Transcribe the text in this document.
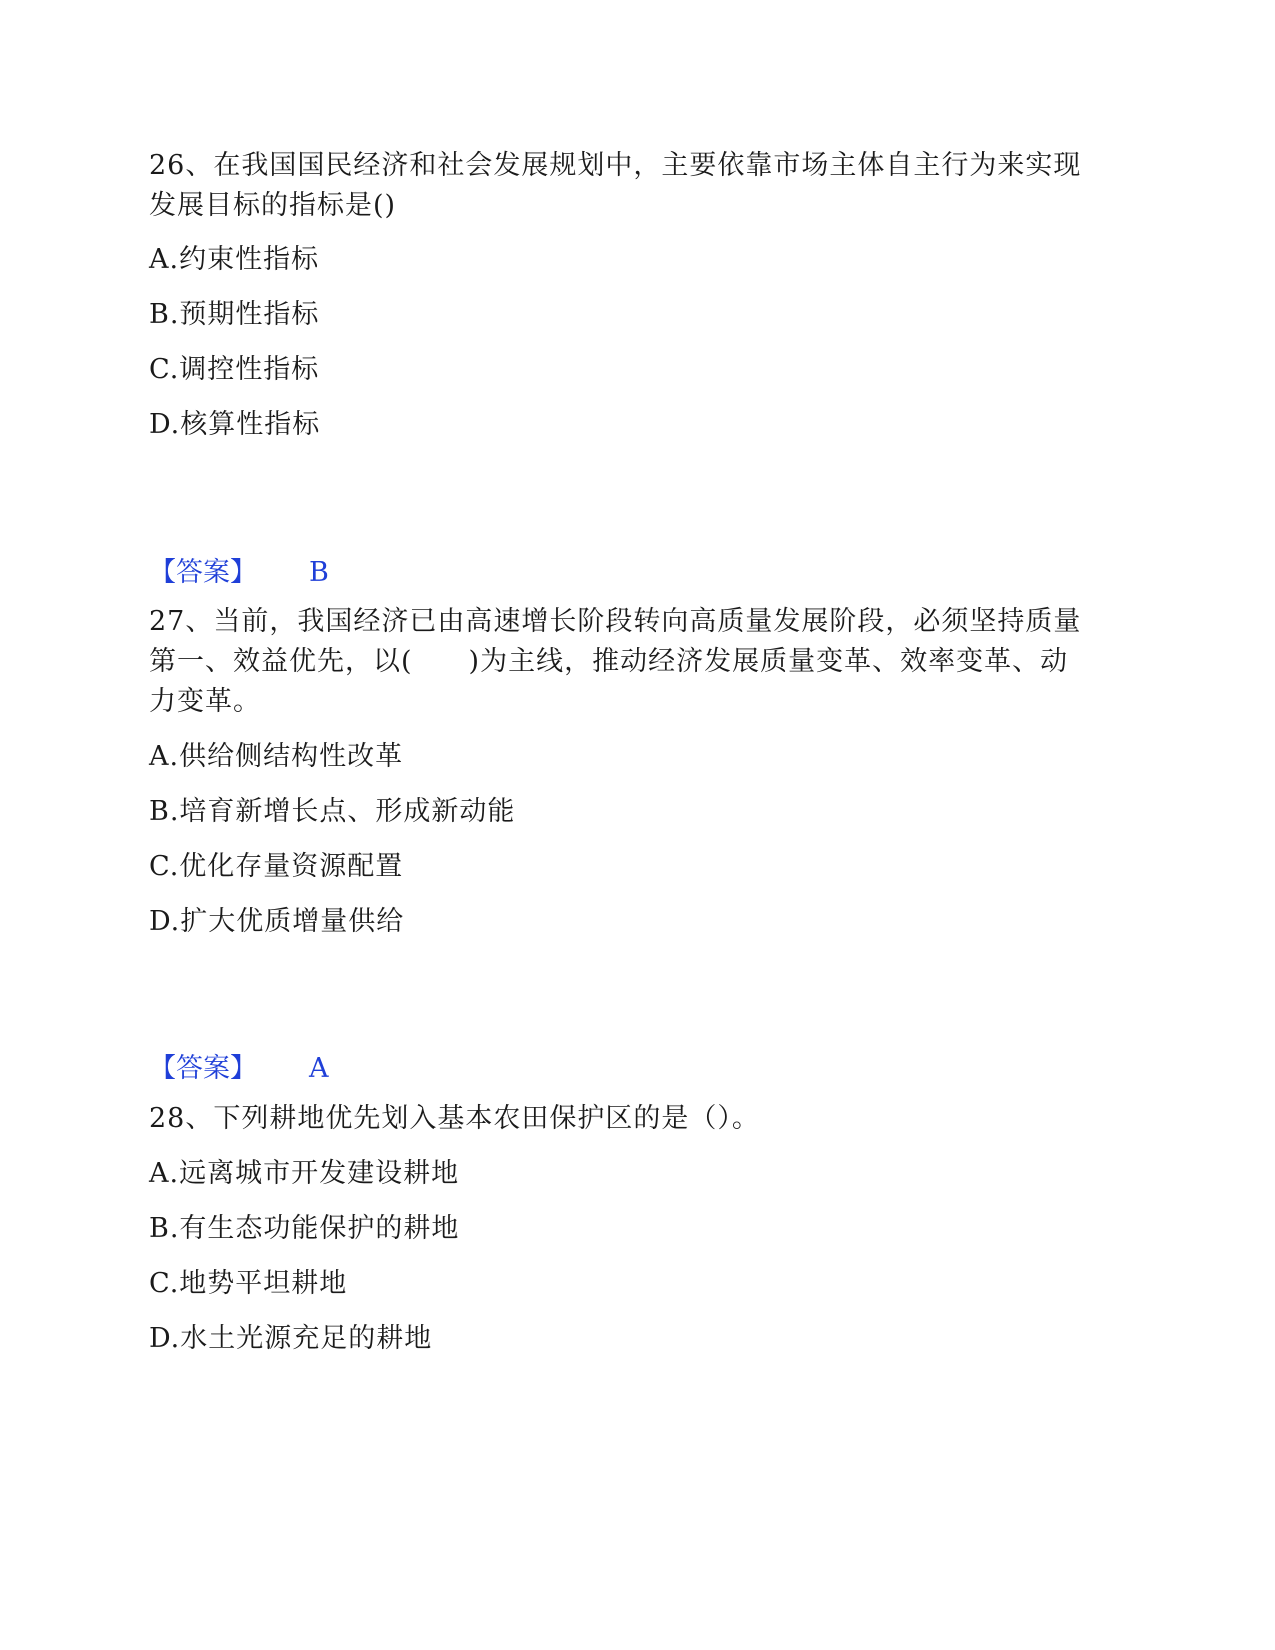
26、在我国国民经济和社会发展规划中，主要依靠市场主体自主行为来实现
发展目标的指标是()
A.约束性指标
B.预期性指标
C.调控性指标
D.核算性指标
【答案】 B
27、当前，我国经济已由高速增长阶段转向高质量发展阶段，必须坚持质量
第一、效益优先，以(　　)为主线，推动经济发展质量变革、效率变革、动
力变革。
A.供给侧结构性改革
B.培育新增长点、形成新动能
C.优化存量资源配置
D.扩大优质增量供给
【答案】 A
28、下列耕地优先划入基本农田保护区的是（）。
A.远离城市开发建设耕地
B.有生态功能保护的耕地
C.地势平坦耕地
D.水土光源充足的耕地
